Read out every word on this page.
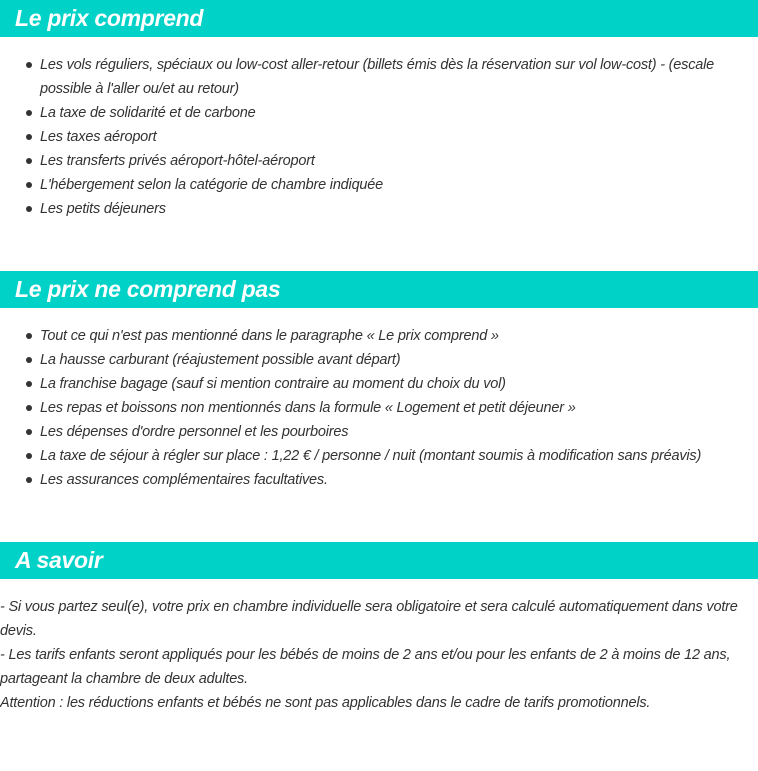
Le prix comprend
Les vols réguliers, spéciaux ou low-cost aller-retour (billets émis dès la réservation sur vol low-cost) - (escale possible à l'aller ou/et au retour)
La taxe de solidarité et de carbone
Les taxes aéroport
Les transferts privés aéroport-hôtel-aéroport
L'hébergement selon la catégorie de chambre indiquée
Les petits déjeuners
Le prix ne comprend pas
Tout ce qui n'est pas mentionné dans le paragraphe « Le prix comprend »
La hausse carburant (réajustement possible avant départ)
La franchise bagage (sauf si mention contraire au moment du choix du vol)
Les repas et boissons non mentionnés dans la formule « Logement et petit déjeuner »
Les dépenses d'ordre personnel et les pourboires
La taxe de séjour à régler sur place : 1,22 € / personne / nuit (montant soumis à modification sans préavis)
Les assurances complémentaires facultatives.
A savoir

- Si vous partez seul(e), votre prix en chambre individuelle sera obligatoire et sera calculé automatiquement dans votre devis.

- Les tarifs enfants seront appliqués pour les bébés de moins de 2 ans et/ou pour les enfants de 2 à moins de 12 ans, partageant la chambre de deux adultes.

Attention : les réductions enfants et bébés ne sont pas applicables dans le cadre de tarifs promotionnels.
